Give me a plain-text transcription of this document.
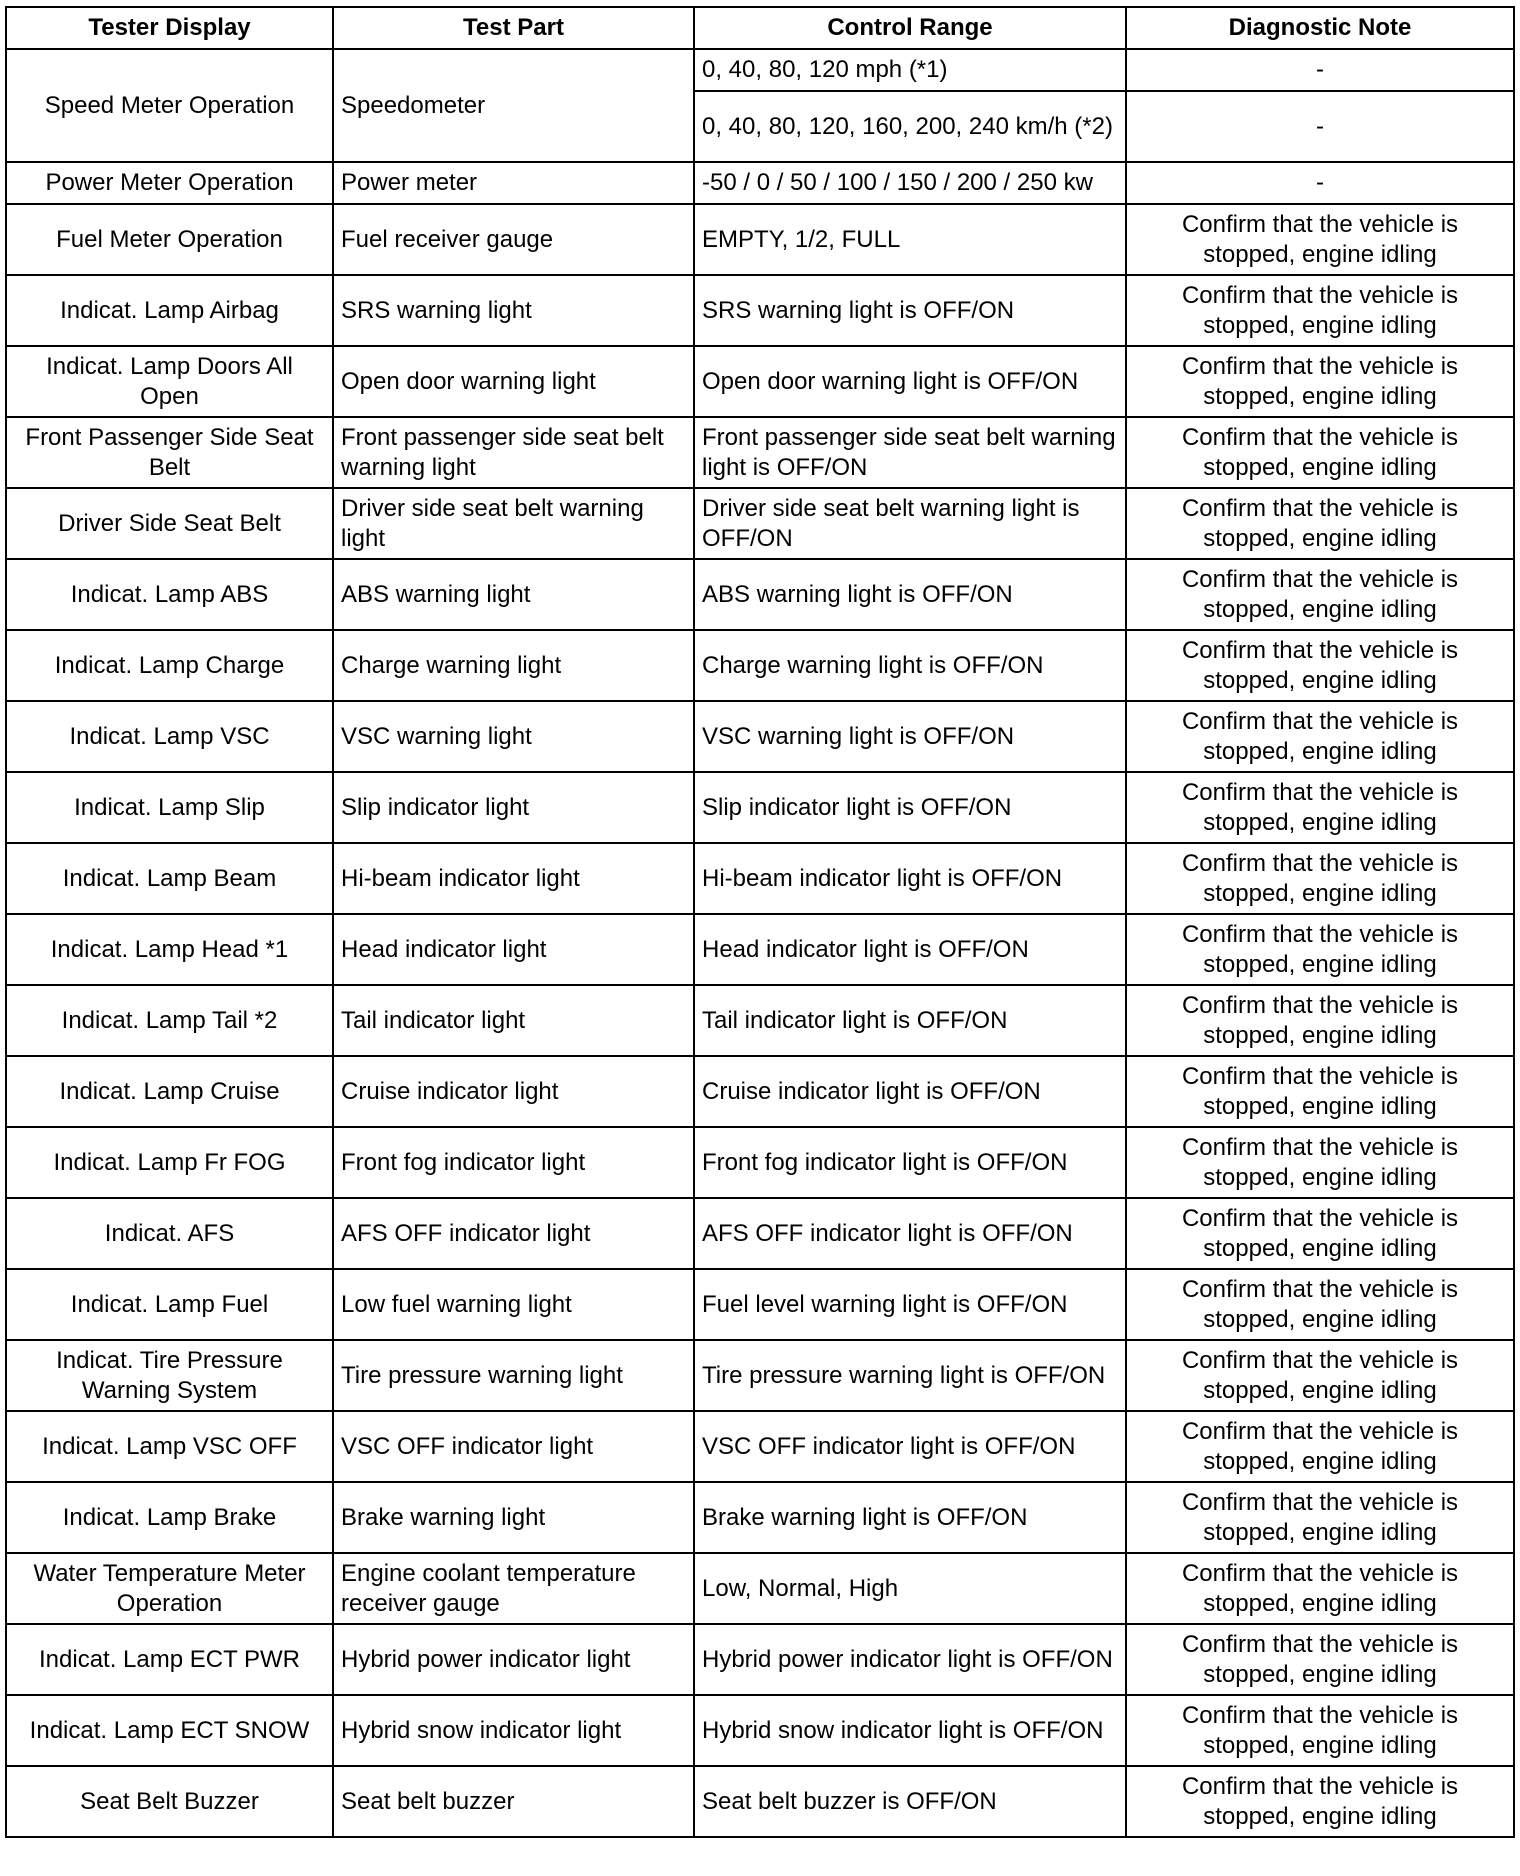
Tester Display	Test Part	Control Range	Diagnostic Note
Speed Meter Operation	Speedometer	0, 40, 80, 120 mph (*1)	-
		0, 40, 80, 120, 160, 200, 240 km/h (*2)	-
Power Meter Operation	Power meter	-50 / 0 / 50 / 100 / 150 / 200 / 250 kw	-
Fuel Meter Operation	Fuel receiver gauge	EMPTY, 1/2, FULL	Confirm that the vehicle is stopped, engine idling
Indicat. Lamp Airbag	SRS warning light	SRS warning light is OFF/ON	Confirm that the vehicle is stopped, engine idling
Indicat. Lamp Doors All Open	Open door warning light	Open door warning light is OFF/ON	Confirm that the vehicle is stopped, engine idling
Front Passenger Side Seat Belt	Front passenger side seat belt warning light	Front passenger side seat belt warning light is OFF/ON	Confirm that the vehicle is stopped, engine idling
Driver Side Seat Belt	Driver side seat belt warning light	Driver side seat belt warning light is OFF/ON	Confirm that the vehicle is stopped, engine idling
Indicat. Lamp ABS	ABS warning light	ABS warning light is OFF/ON	Confirm that the vehicle is stopped, engine idling
Indicat. Lamp Charge	Charge warning light	Charge warning light is OFF/ON	Confirm that the vehicle is stopped, engine idling
Indicat. Lamp VSC	VSC warning light	VSC warning light is OFF/ON	Confirm that the vehicle is stopped, engine idling
Indicat. Lamp Slip	Slip indicator light	Slip indicator light is OFF/ON	Confirm that the vehicle is stopped, engine idling
Indicat. Lamp Beam	Hi-beam indicator light	Hi-beam indicator light is OFF/ON	Confirm that the vehicle is stopped, engine idling
Indicat. Lamp Head *1	Head indicator light	Head indicator light is OFF/ON	Confirm that the vehicle is stopped, engine idling
Indicat. Lamp Tail *2	Tail indicator light	Tail indicator light is OFF/ON	Confirm that the vehicle is stopped, engine idling
Indicat. Lamp Cruise	Cruise indicator light	Cruise indicator light is OFF/ON	Confirm that the vehicle is stopped, engine idling
Indicat. Lamp Fr FOG	Front fog indicator light	Front fog indicator light is OFF/ON	Confirm that the vehicle is stopped, engine idling
Indicat. AFS	AFS OFF indicator light	AFS OFF indicator light is OFF/ON	Confirm that the vehicle is stopped, engine idling
Indicat. Lamp Fuel	Low fuel warning light	Fuel level warning light is OFF/ON	Confirm that the vehicle is stopped, engine idling
Indicat. Tire Pressure Warning System	Tire pressure warning light	Tire pressure warning light is OFF/ON	Confirm that the vehicle is stopped, engine idling
Indicat. Lamp VSC OFF	VSC OFF indicator light	VSC OFF indicator light is OFF/ON	Confirm that the vehicle is stopped, engine idling
Indicat. Lamp Brake	Brake warning light	Brake warning light is OFF/ON	Confirm that the vehicle is stopped, engine idling
Water Temperature Meter Operation	Engine coolant temperature receiver gauge	Low, Normal, High	Confirm that the vehicle is stopped, engine idling
Indicat. Lamp ECT PWR	Hybrid power indicator light	Hybrid power indicator light is OFF/ON	Confirm that the vehicle is stopped, engine idling
Indicat. Lamp ECT SNOW	Hybrid snow indicator light	Hybrid snow indicator light is OFF/ON	Confirm that the vehicle is stopped, engine idling
Seat Belt Buzzer	Seat belt buzzer	Seat belt buzzer is OFF/ON	Confirm that the vehicle is stopped, engine idling
